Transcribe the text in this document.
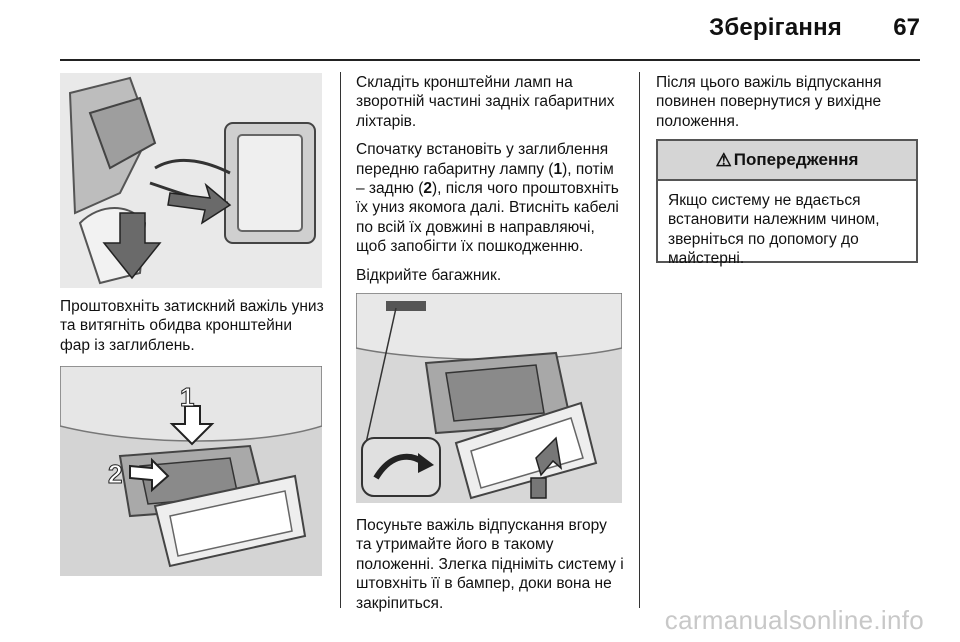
Зберігання 67
Проштовхніть затискний важіль униз та витягніть обидва кронштейни фар із заглиблень.
1
2

Складіть кронштейни ламп на зворотній частині задніх габаритних ліхтарів.

Спочатку встановіть у заглиблення передню габаритну лампу (1), потім – задню (2), після чого проштовхніть їх униз якомога далі. Втисніть кабелі по всій їх довжині в направляючі, щоб запобігти їх пошкодженню.

Відкрийте багажник.

Посуньте важіль відпускання вгору та утримайте його в такому положенні. Злегка підніміть систему і штовхніть її в бампер, доки вона не закріпиться.

Після цього важіль відпускання повинен повернутися у вихідне положення.

⚠ Попередження
Якщо систему не вдається встановити належним чином, зверніться по допомогу до майстерні.
carmanualsonline.info
